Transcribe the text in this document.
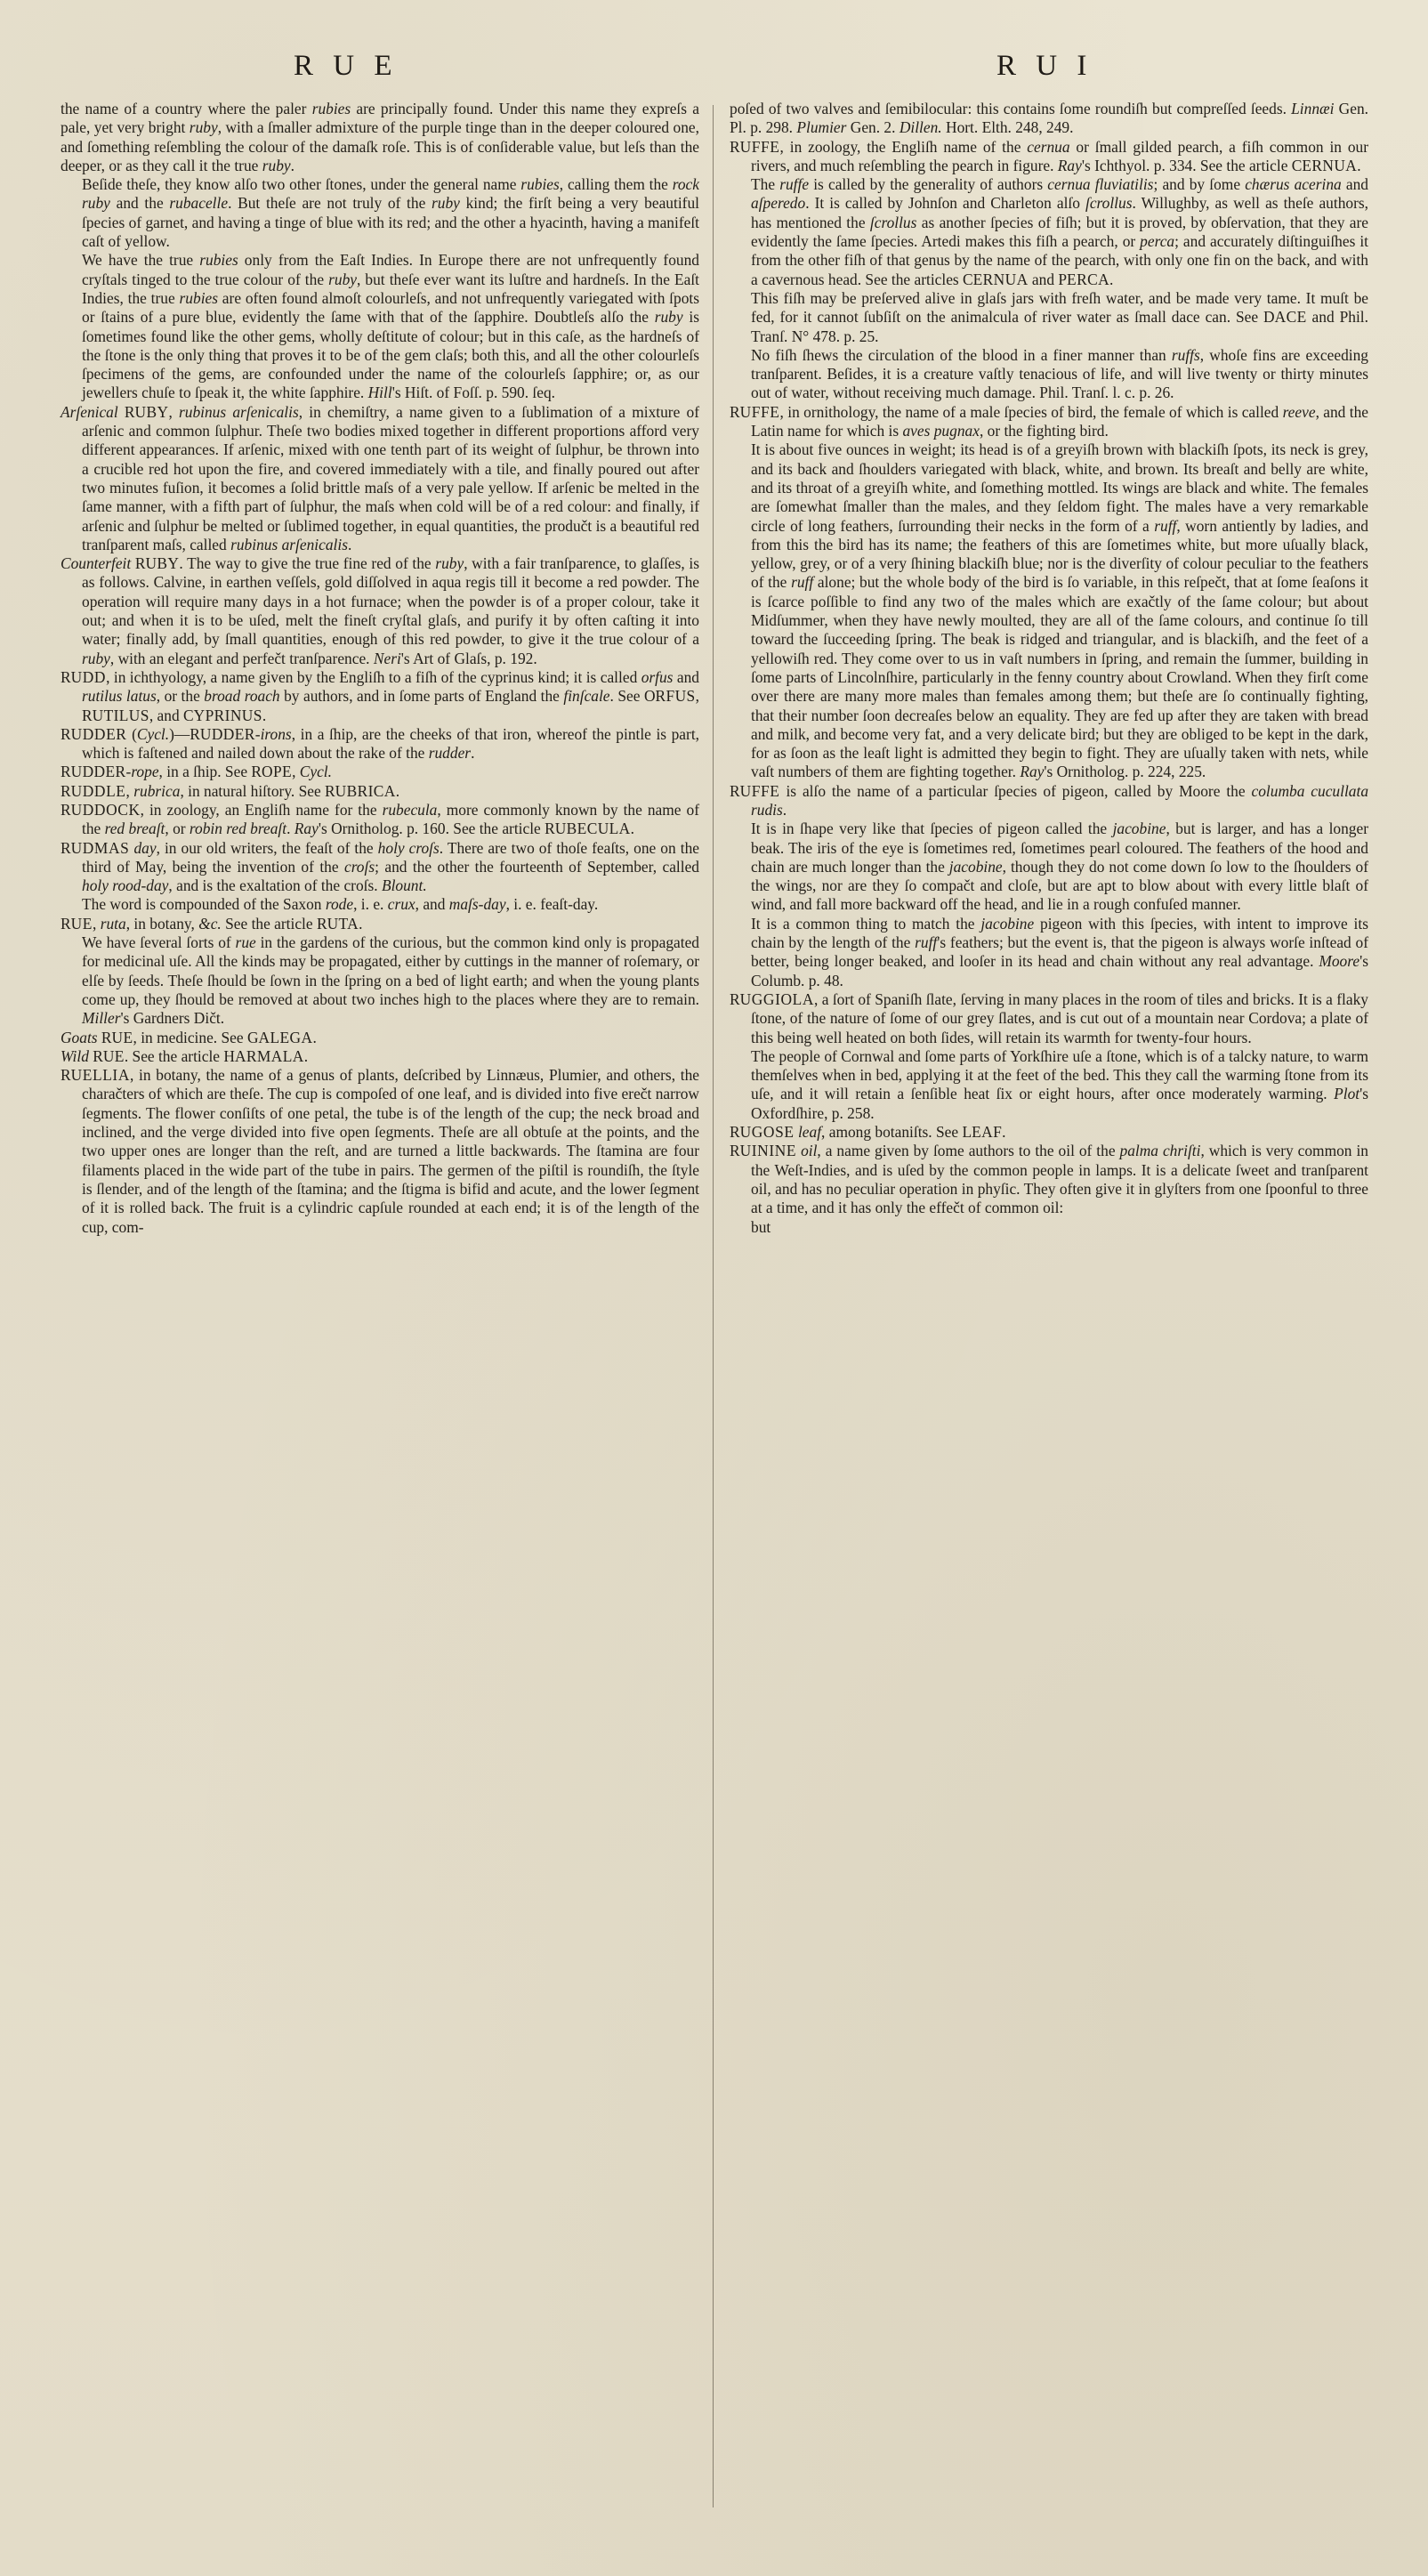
R U E	R U I

the name of a country where the paler rubies are principally found. Under this name they expreſs a pale, yet very bright ruby, with a ſmaller admixture of the purple tinge than in the deeper coloured one, and ſomething reſembling the colour of the damaſk roſe. This is of conſiderable value, but leſs than the deeper, or as they call it the true ruby.

Beſide theſe, they know alſo two other ſtones, under the general name rubies, calling them the rock ruby and the rubacelle. But theſe are not truly of the ruby kind; the firſt being a very beautiful ſpecies of garnet, and having a tinge of blue with its red; and the other a hyacinth, having a manifeſt caſt of yellow.

We have the true rubies only from the Eaſt Indies. In Europe there are not unfrequently found cryſtals tinged to the true colour of the ruby, but theſe ever want its luſtre and hardneſs. In the Eaſt Indies, the true rubies are often found almoſt colourleſs, and not unfrequently variegated with ſpots or ſtains of a pure blue, evidently the ſame with that of the ſapphire. Doubtleſs alſo the ruby is ſometimes found like the other gems, wholly deſtitute of colour; but in this caſe, as the hardneſs of the ſtone is the only thing that proves it to be of the gem claſs; both this, and all the other colourleſs ſpecimens of the gems, are confounded under the name of the colourleſs ſapphire; or, as our jewellers chuſe to ſpeak it, the white ſapphire. Hill's Hiſt. of Foſſ. p. 590. ſeq.

Arſenical RUBY, rubinus arſenicalis, in chemiſtry, a name given to a ſublimation of a mixture of arſenic and common ſulphur. Theſe two bodies mixed together in different proportions afford very different appearances. If arſenic, mixed with one tenth part of its weight of ſulphur, be thrown into a crucible red hot upon the fire, and covered immediately with a tile, and finally poured out after two minutes fuſion, it becomes a ſolid brittle maſs of a very pale yellow. If arſenic be melted in the ſame manner, with a fifth part of ſulphur, the maſs when cold will be of a red colour: and finally, if arſenic and ſulphur be melted or ſublimed together, in equal quantities, the produčt is a beautiful red tranſparent maſs, called rubinus arſenicalis.

Counterfeit RUBY. The way to give the true fine red of the ruby, with a fair tranſparence, to glaſſes, is as follows. Calvine, in earthen veſſels, gold diſſolved in aqua regis till it become a red powder. The operation will require many days in a hot furnace; when the powder is of a proper colour, take it out; and when it is to be uſed, melt the fineſt cryſtal glaſs, and purify it by often caſting it into water; finally add, by ſmall quantities, enough of this red powder, to give it the true colour of a ruby, with an elegant and perfečt tranſparence. Neri's Art of Glaſs, p. 192.

RUDD, in ichthyology, a name given by the Engliſh to a fiſh of the cyprinus kind; it is called orfus and rutilus latus, or the broad roach by authors, and in ſome parts of England the finſcale. See ORFUS, RUTILUS, and CYPRINUS.

RUDDER (Cycl.)—RUDDER-irons, in a ſhip, are the cheeks of that iron, whereof the pintle is part, which is faſtened and nailed down about the rake of the rudder.

RUDDER-rope, in a ſhip. See ROPE, Cycl.

RUDDLE, rubrica, in natural hiſtory. See RUBRICA.

RUDDOCK, in zoology, an Engliſh name for the rubecula, more commonly known by the name of the red breaſt, or robin red breaſt. Ray's Ornitholog. p. 160. See the article RUBECULA.

RUDMAS day, in our old writers, the feaſt of the holy croſs. There are two of thoſe feaſts, one on the third of May, being the invention of the croſs; and the other the fourteenth of September, called holy rood-day, and is the exaltation of the croſs. Blount.

The word is compounded of the Saxon rode, i. e. crux, and maſs-day, i. e. feaſt-day.

RUE, ruta, in botany, &c. See the article RUTA.

We have ſeveral ſorts of rue in the gardens of the curious, but the common kind only is propagated for medicinal uſe. All the kinds may be propagated, either by cuttings in the manner of roſemary, or elſe by ſeeds. Theſe ſhould be ſown in the ſpring on a bed of light earth; and when the young plants come up, they ſhould be removed at about two inches high to the places where they are to remain. Miller's Gardners Dičt.

Goats RUE, in medicine. See GALEGA.

Wild RUE. See the article HARMALA.

RUELLIA, in botany, the name of a genus of plants, deſcribed by Linnæus, Plumier, and others, the charačters of which are theſe. The cup is compoſed of one leaf, and is divided into five erečt narrow ſegments. The flower conſiſts of one petal, the tube is of the length of the cup; the neck broad and inclined, and the verge divided into five open ſegments. Theſe are all obtuſe at the points, and the two upper ones are longer than the reſt, and are turned a little backwards. The ſtamina are four filaments placed in the wide part of the tube in pairs. The germen of the piſtil is roundiſh, the ſtyle is ſlender, and of the length of the ſtamina; and the ſtigma is bifid and acute, and the lower ſegment of it is rolled back. The fruit is a cylindric capſule rounded at each end; it is of the length of the cup, com-

poſed of two valves and ſemibilocular: this contains ſome roundiſh but compreſſed ſeeds. Linnæi Gen. Pl. p. 298. Plumier Gen. 2. Dillen. Hort. Elth. 248, 249.

RUFFE, in zoology, the Engliſh name of the cernua or ſmall gilded pearch, a fiſh common in our rivers, and much reſembling the pearch in figure. Ray's Ichthyol. p. 334. See the article CERNUA.

The ruffe is called by the generality of authors cernua fluviatilis; and by ſome chærus acerina and aſperedo. It is called by Johnſon and Charleton alſo ſcrollus. Willughby, as well as theſe authors, has mentioned the ſcrollus as another ſpecies of fiſh; but it is proved, by obſervation, that they are evidently the ſame ſpecies. Artedi makes this fiſh a pearch, or perca; and accurately diſtinguiſhes it from the other fiſh of that genus by the name of the pearch, with only one fin on the back, and with a cavernous head. See the articles CERNUA and PERCA.

This fiſh may be preſerved alive in glaſs jars with freſh water, and be made very tame. It muſt be fed, for it cannot ſubſiſt on the animalcula of river water as ſmall dace can. See DACE and Phil. Tranſ. N° 478. p. 25.

No fiſh ſhews the circulation of the blood in a finer manner than ruffs, whoſe fins are exceeding tranſparent. Beſides, it is a creature vaſtly tenacious of life, and will live twenty or thirty minutes out of water, without receiving much damage. Phil. Tranſ. l. c. p. 26.

RUFFE, in ornithology, the name of a male ſpecies of bird, the female of which is called reeve, and the Latin name for which is aves pugnax, or the fighting bird.

It is about five ounces in weight; its head is of a greyiſh brown with blackiſh ſpots, its neck is grey, and its back and ſhoulders variegated with black, white, and brown. Its breaſt and belly are white, and its throat of a greyiſh white, and ſomething mottled. Its wings are black and white. The females are ſomewhat ſmaller than the males, and they ſeldom fight. The males have a very remarkable circle of long feathers, ſurrounding their necks in the form of a ruff, worn antiently by ladies, and from this the bird has its name; the feathers of this are ſometimes white, but more uſually black, yellow, grey, or of a very ſhining blackiſh blue; nor is the diverſity of colour peculiar to the feathers of the ruff alone; but the whole body of the bird is ſo variable, in this reſpečt, that at ſome ſeaſons it is ſcarce poſſible to find any two of the males which are exačtly of the ſame colour; but about Midſummer, when they have newly moulted, they are all of the ſame colours, and continue ſo till toward the ſucceeding ſpring. The beak is ridged and triangular, and is blackiſh, and the feet of a yellowiſh red. They come over to us in vaſt numbers in ſpring, and remain the ſummer, building in ſome parts of Lincolnſhire, particularly in the fenny country about Crowland. When they firſt come over there are many more males than females among them; but theſe are ſo continually fighting, that their number ſoon decreaſes below an equality. They are fed up after they are taken with bread and milk, and become very fat, and a very delicate bird; but they are obliged to be kept in the dark, for as ſoon as the leaſt light is admitted they begin to fight. They are uſually taken with nets, while vaſt numbers of them are fighting together. Ray's Ornitholog. p. 224, 225.

RUFFE is alſo the name of a particular ſpecies of pigeon, called by Moore the columba cucullata rudis.

It is in ſhape very like that ſpecies of pigeon called the jacobine, but is larger, and has a longer beak. The iris of the eye is ſometimes red, ſometimes pearl coloured. The feathers of the hood and chain are much longer than the jacobine, though they do not come down ſo low to the ſhoulders of the wings, nor are they ſo compačt and cloſe, but are apt to blow about with every little blaſt of wind, and fall more backward off the head, and lie in a rough confuſed manner.

It is a common thing to match the jacobine pigeon with this ſpecies, with intent to improve its chain by the length of the ruff's feathers; but the event is, that the pigeon is always worſe inſtead of better, being longer beaked, and looſer in its head and chain without any real advantage. Moore's Columb. p. 48.

RUGGIOLA, a ſort of Spaniſh ſlate, ſerving in many places in the room of tiles and bricks. It is a flaky ſtone, of the nature of ſome of our grey ſlates, and is cut out of a mountain near Cordova; a plate of this being well heated on both ſides, will retain its warmth for twenty-four hours.

The people of Cornwal and ſome parts of Yorkſhire uſe a ſtone, which is of a talcky nature, to warm themſelves when in bed, applying it at the feet of the bed. This they call the warming ſtone from its uſe, and it will retain a ſenſible heat ſix or eight hours, after once moderately warming. Plot's Oxfordſhire, p. 258.

RUGOSE leaf, among botaniſts. See LEAF.

RUININE oil, a name given by ſome authors to the oil of the palma chriſti, which is very common in the Weſt-Indies, and is uſed by the common people in lamps. It is a delicate ſweet and tranſparent oil, and has no peculiar operation in phyſic. They often give it in glyſters from one ſpoonful to three at a time, and it has only the effečt of common oil:

but
